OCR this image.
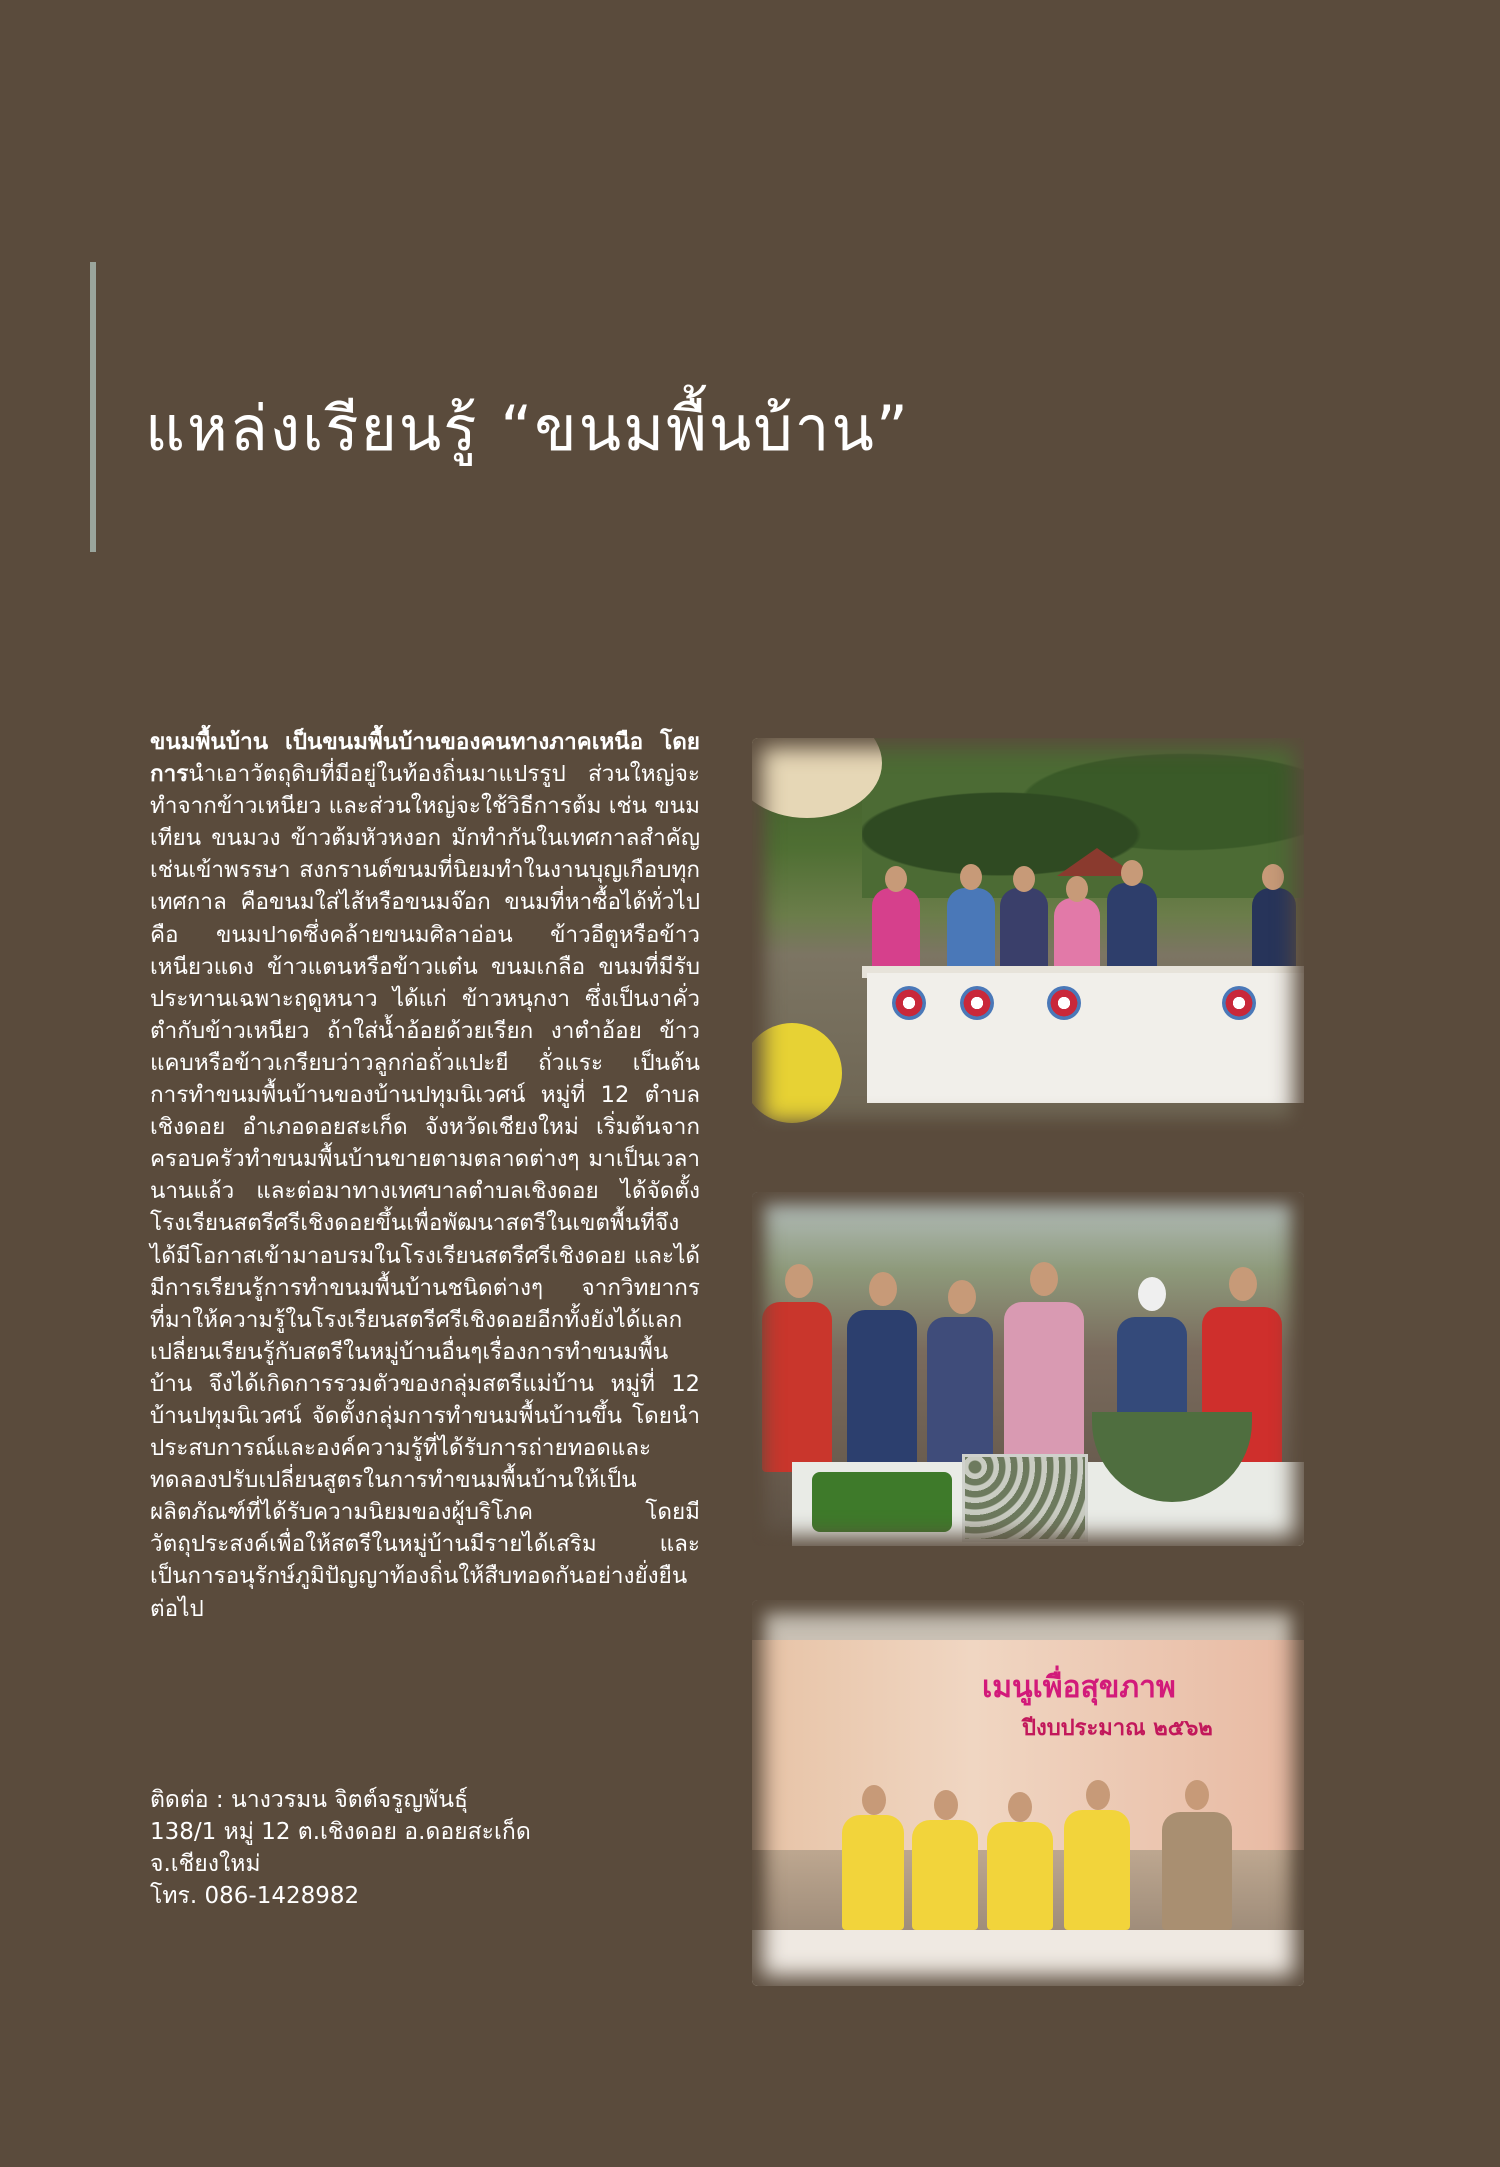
แหล่งเรียนรู้ “ขนมพื้นบ้าน”

ขนมพื้นบ้าน เป็นขนมพื้นบ้านของคนทางภาคเหนือ โดยการนำเอาวัตถุดิบที่มีอยู่ในท้องถิ่นมาแปรรูป ส่วนใหญ่จะทำจากข้าวเหนียว และส่วนใหญ่จะใช้วิธีการต้ม เช่น ขนมเทียน ขนมวง ข้าวต้มหัวหงอก มักทำกันในเทศกาลสำคัญ เช่นเข้าพรรษา สงกรานต์ขนมที่นิยมทำในงานบุญเกือบทุกเทศกาล คือขนมใส่ไส้หรือขนมจ๊อก ขนมที่หาซื้อได้ทั่วไปคือ ขนมปาดซึ่งคล้ายขนมศิลาอ่อน ข้าวอีตูหรือข้าวเหนียวแดง ข้าวแตนหรือข้าวแต๋น ขนมเกลือ ขนมที่มีรับประทานเฉพาะฤดูหนาว ได้แก่ ข้าวหนุกงา ซึ่งเป็นงาคั่วตำกับข้าวเหนียว ถ้าใส่น้ำอ้อยด้วยเรียก งาตำอ้อย ข้าวแคบหรือข้าวเกรียบว่าวลูกก่อถั่วแปะยี ถั่วแระ เป็นต้น การทำขนมพื้นบ้านของบ้านปทุมนิเวศน์ หมู่ที่ 12 ตำบลเชิงดอย อำเภอดอยสะเก็ด จังหวัดเชียงใหม่ เริ่มต้นจากครอบครัวทำขนมพื้นบ้านขายตามตลาดต่างๆ มาเป็นเวลานานแล้ว และต่อมาทางเทศบาลตำบลเชิงดอย ได้จัดตั้งโรงเรียนสตรีศรีเชิงดอยขึ้นเพื่อพัฒนาสตรีในเขตพื้นที่จึงได้มีโอกาสเข้ามาอบรมในโรงเรียนสตรีศรีเชิงดอย และได้มีการเรียนรู้การทำขนมพื้นบ้านชนิดต่างๆ จากวิทยากรที่มาให้ความรู้ในโรงเรียนสตรีศรีเชิงดอยอีกทั้งยังได้แลกเปลี่ยนเรียนรู้กับสตรีในหมู่บ้านอื่นๆเรื่องการทำขนมพื้นบ้าน จึงได้เกิดการรวมตัวของกลุ่มสตรีแม่บ้าน หมู่ที่ 12 บ้านปทุมนิเวศน์ จัดตั้งกลุ่มการทำขนมพื้นบ้านขึ้น โดยนำประสบการณ์และองค์ความรู้ที่ได้รับการถ่ายทอดและทดลองปรับเปลี่ยนสูตรในการทำขนมพื้นบ้านให้เป็นผลิตภัณฑ์ที่ได้รับความนิยมของผู้บริโภค โดยมีวัตถุประสงค์เพื่อให้สตรีในหมู่บ้านมีรายได้เสริม และเป็นการอนุรักษ์ภูมิปัญญาท้องถิ่นให้สืบทอดกันอย่างยั่งยืนต่อไป

ติดต่อ : นางวรมน จิตต์จรูญพันธุ์
138/1 หมู่ 12 ต.เชิงดอย อ.ดอยสะเก็ด
จ.เชียงใหม่
โทร. 086-1428982
เมนูเพื่อสุขภาพ
ปีงบประมาณ ๒๕๖๒
